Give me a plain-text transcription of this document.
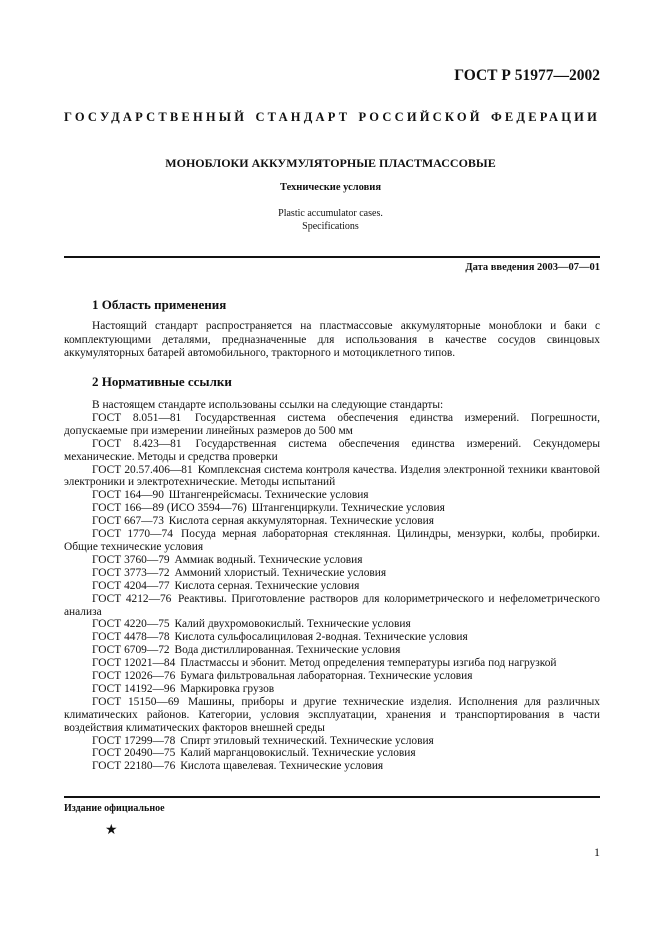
ГОСТ Р 51977—2002
ГОСУДАРСТВЕННЫЙ СТАНДАРТ РОССИЙСКОЙ ФЕДЕРАЦИИ
МОНОБЛОКИ АККУМУЛЯТОРНЫЕ ПЛАСТМАССОВЫЕ
Технические условия
Plastic accumulator cases.
Specifications
Дата введения 2003—07—01
1 Область применения
Настоящий стандарт распространяется на пластмассовые аккумуляторные моноблоки и баки с комплектующими деталями, предназначенные для использования в качестве сосудов свинцовых аккумуляторных батарей автомобильного, тракторного и мотоциклетного типов.
2 Нормативные ссылки
В настоящем стандарте использованы ссылки на следующие стандарты:
ГОСТ 8.051—81 Государственная система обеспечения единства измерений. Погрешности, допускаемые при измерении линейных размеров до 500 мм
ГОСТ 8.423—81 Государственная система обеспечения единства измерений. Секундомеры механические. Методы и средства проверки
ГОСТ 20.57.406—81 Комплексная система контроля качества. Изделия электронной техники квантовой электроники и электротехнические. Методы испытаний
ГОСТ 164—90 Штангенрейсмасы. Технические условия
ГОСТ 166—89 (ИСО 3594—76) Штангенциркули. Технические условия
ГОСТ 667—73 Кислота серная аккумуляторная. Технические условия
ГОСТ 1770—74 Посуда мерная лабораторная стеклянная. Цилиндры, мензурки, колбы, пробирки. Общие технические условия
ГОСТ 3760—79 Аммиак водный. Технические условия
ГОСТ 3773—72 Аммоний хлористый. Технические условия
ГОСТ 4204—77 Кислота серная. Технические условия
ГОСТ 4212—76 Реактивы. Приготовление растворов для колориметрического и нефелометрического анализа
ГОСТ 4220—75 Калий двухромовокислый. Технические условия
ГОСТ 4478—78 Кислота сульфосалициловая 2-водная. Технические условия
ГОСТ 6709—72 Вода дистиллированная. Технические условия
ГОСТ 12021—84 Пластмассы и эбонит. Метод определения температуры изгиба под нагрузкой
ГОСТ 12026—76 Бумага фильтровальная лабораторная. Технические условия
ГОСТ 14192—96 Маркировка грузов
ГОСТ 15150—69 Машины, приборы и другие технические изделия. Исполнения для различных климатических районов. Категории, условия эксплуатации, хранения и транспортирования в части воздействия климатических факторов внешней среды
ГОСТ 17299—78 Спирт этиловый технический. Технические условия
ГОСТ 20490—75 Калий марганцовокислый. Технические условия
ГОСТ 22180—76 Кислота щавелевая. Технические условия
Издание официальное
★
1
